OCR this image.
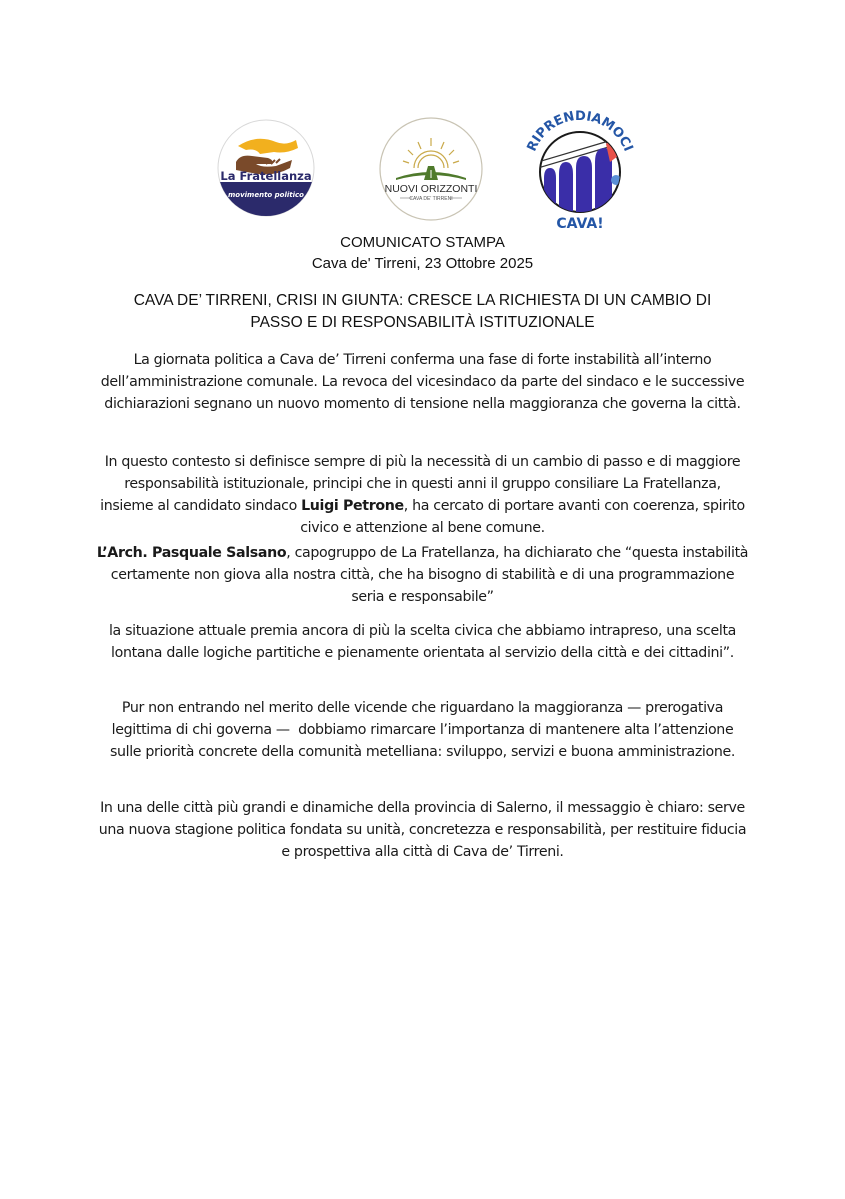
La Fratellanza
movimento politico	NUOVI ORIZZONTI
CAVA DE' TIRRENI
RIPRENDIAMOCI
CAVA!
COMUNICATO STAMPA
Cava de' Tirreni, 23 Ottobre 2025
CAVA DE’ TIRRENI, CRISI IN GIUNTA: CRESCE LA RICHIESTA DI UN CAMBIO DI PASSO E DI RESPONSABILITÀ ISTITUZIONALE

La giornata politica a Cava de’ Tirreni conferma una fase di forte instabilità all’interno dell’amministrazione comunale. La revoca del vicesindaco da parte del sindaco e le successive dichiarazioni segnano un nuovo momento di tensione nella maggioranza che governa la città.

In questo contesto si definisce sempre di più la necessità di un cambio di passo e di maggiore responsabilità istituzionale, principi che in questi anni il gruppo consiliare La Fratellanza, insieme al candidato sindaco Luigi Petrone, ha cercato di portare avanti con coerenza, spirito civico e attenzione al bene comune.

L’Arch. Pasquale Salsano, capogruppo de La Fratellanza, ha dichiarato che “questa instabilità certamente non giova alla nostra città, che ha bisogno di stabilità e di una programmazione seria e responsabile”

la situazione attuale premia ancora di più la scelta civica che abbiamo intrapreso, una scelta lontana dalle logiche partitiche e pienamente orientata al servizio della città e dei cittadini”.

Pur non entrando nel merito delle vicende che riguardano la maggioranza — prerogativa legittima di chi governa —  dobbiamo rimarcare l’importanza di mantenere alta l’attenzione sulle priorità concrete della comunità metelliana: sviluppo, servizi e buona amministrazione.

In una delle città più grandi e dinamiche della provincia di Salerno, il messaggio è chiaro: serve una nuova stagione politica fondata su unità, concretezza e responsabilità, per restituire fiducia e prospettiva alla città di Cava de’ Tirreni.
